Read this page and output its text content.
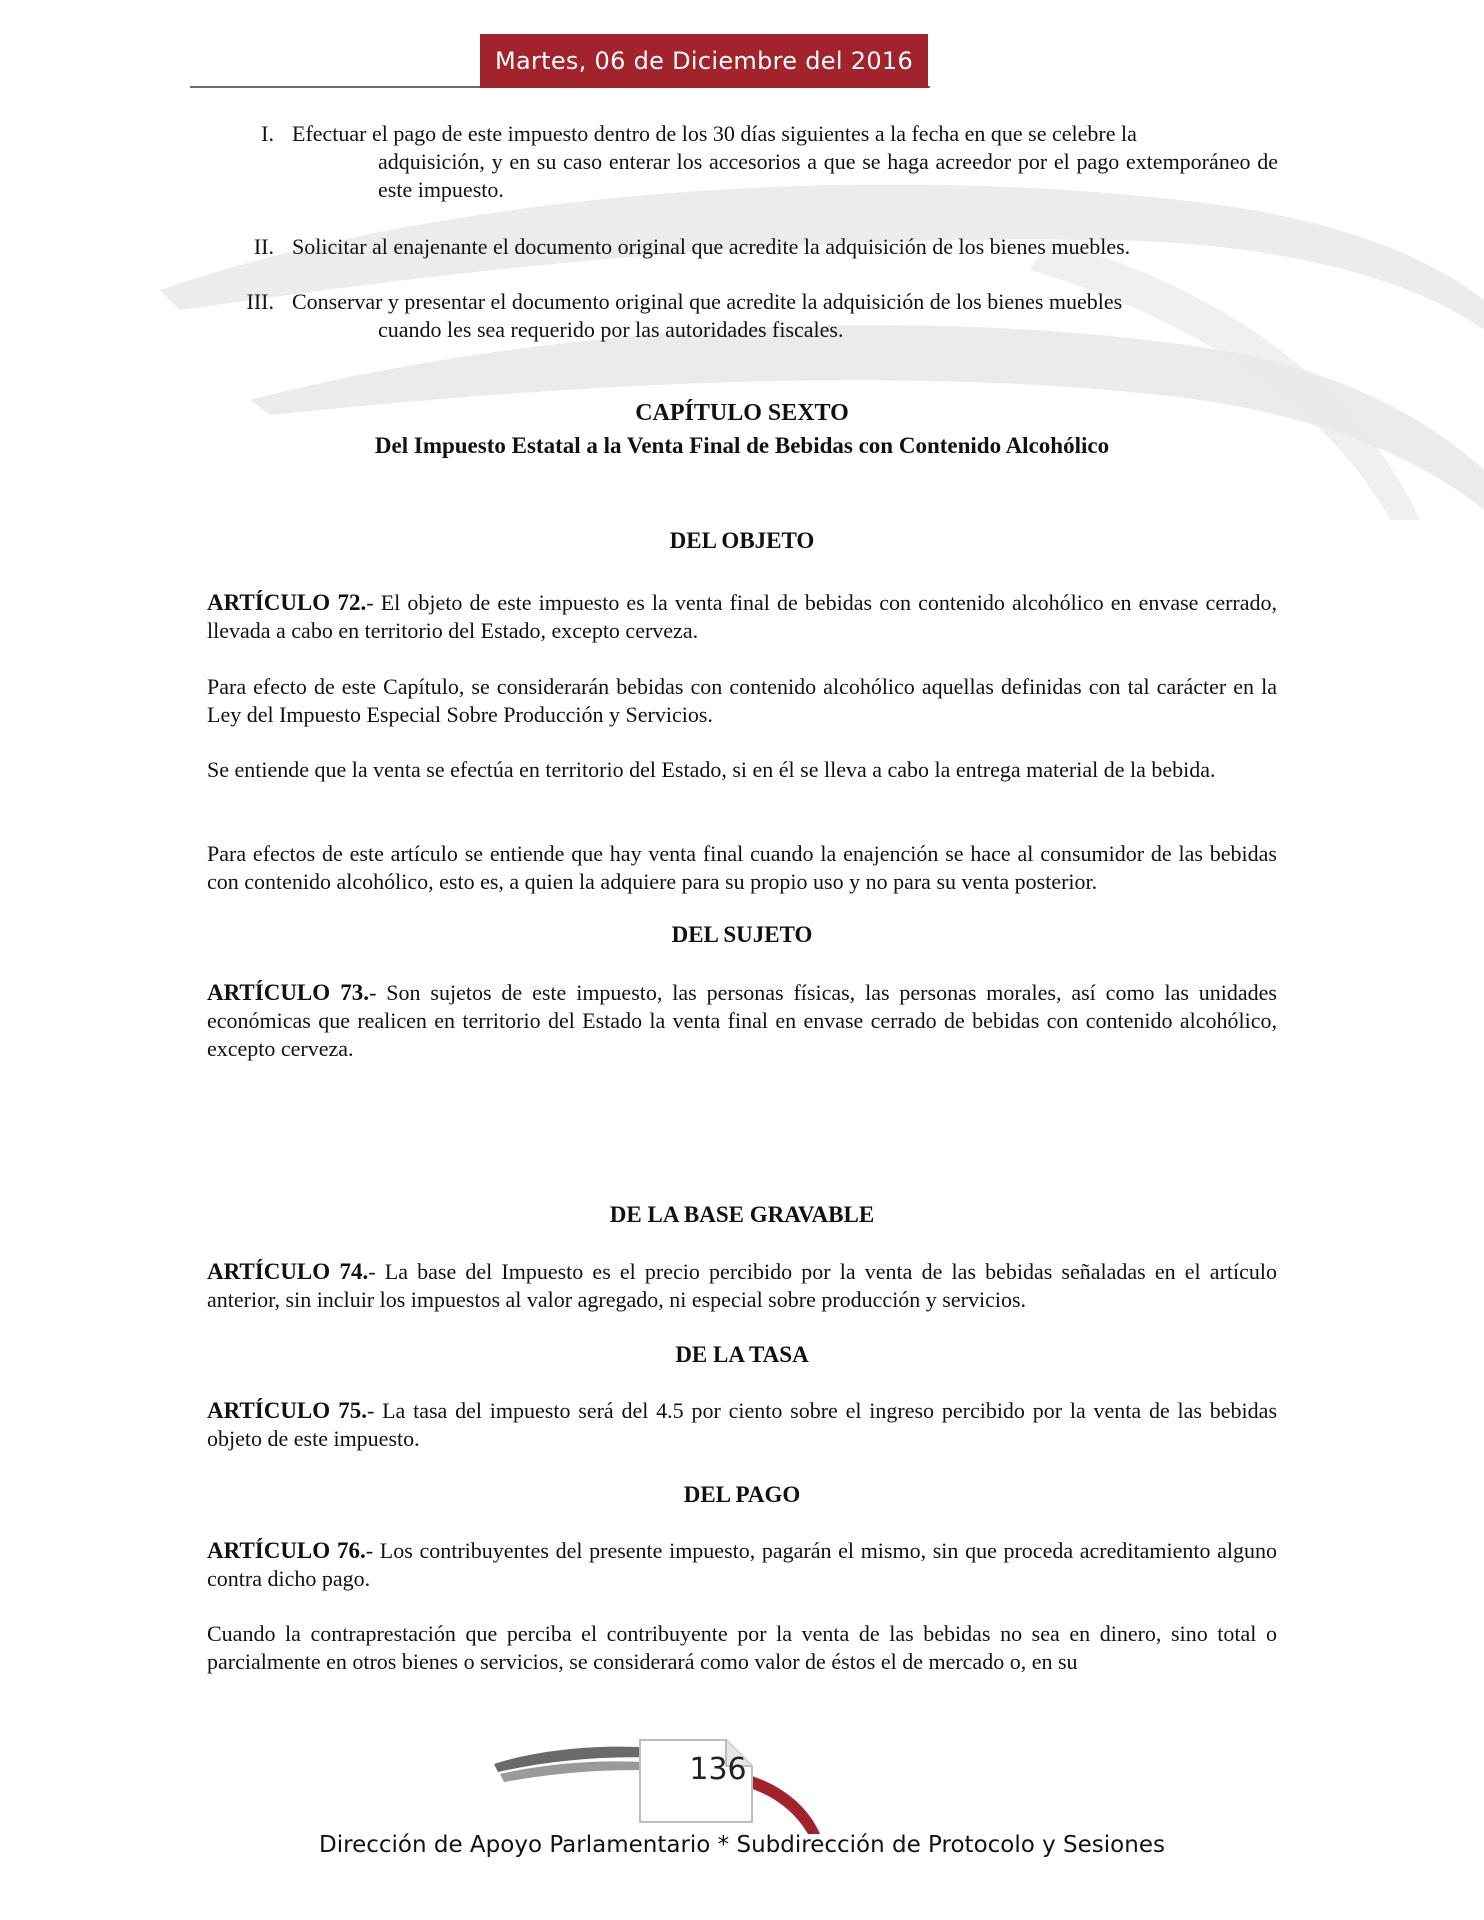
Martes, 06 de Diciembre del 2016
I. Efectuar el pago de este impuesto dentro de los 30 días siguientes a la fecha en que se celebre la
adquisición, y en su caso enterar los accesorios a que se haga acreedor por el pago extemporáneo de este impuesto.
II. Solicitar al enajenante el documento original que acredite la adquisición de los bienes muebles.
III. Conservar y presentar el documento original que acredite la adquisición de los bienes muebles
cuando les sea requerido por las autoridades fiscales.
CAPÍTULO SEXTO
Del Impuesto Estatal a la Venta Final de Bebidas con Contenido Alcohólico
DEL OBJETO
ARTÍCULO 72.- El objeto de este impuesto es la venta final de bebidas con contenido alcohólico en envase cerrado, llevada a cabo en territorio del Estado, excepto cerveza.
Para efecto de este Capítulo, se considerarán bebidas con contenido alcohólico aquellas definidas con tal carácter en la Ley del Impuesto Especial Sobre Producción y Servicios.
Se entiende que la venta se efectúa en territorio del Estado, si en él se lleva a cabo la entrega material de la bebida.
Para efectos de este artículo se entiende que hay venta final cuando la enajención se hace al consumidor de las bebidas con contenido alcohólico, esto es, a quien la adquiere para su propio uso y no para su venta posterior.
DEL SUJETO
ARTÍCULO 73.- Son sujetos de este impuesto, las personas físicas, las personas morales, así como las unidades económicas que realicen en territorio del Estado la venta final en envase cerrado de bebidas con contenido alcohólico, excepto cerveza.
DE LA BASE GRAVABLE
ARTÍCULO 74.- La base del Impuesto es el precio percibido por la venta de las bebidas señaladas en el artículo anterior, sin incluir los impuestos al valor agregado, ni especial sobre producción y servicios.
DE LA TASA
ARTÍCULO 75.- La tasa del impuesto será del 4.5 por ciento sobre el ingreso percibido por la venta de las bebidas objeto de este impuesto.
DEL PAGO
ARTÍCULO 76.- Los contribuyentes del presente impuesto, pagarán el mismo, sin que proceda acreditamiento alguno contra dicho pago.
Cuando la contraprestación que perciba el contribuyente por la venta de las bebidas no sea en dinero, sino total o parcialmente en otros bienes o servicios, se considerará como valor de éstos el de mercado o, en su
136
Dirección de Apoyo Parlamentario * Subdirección de Protocolo y Sesiones
